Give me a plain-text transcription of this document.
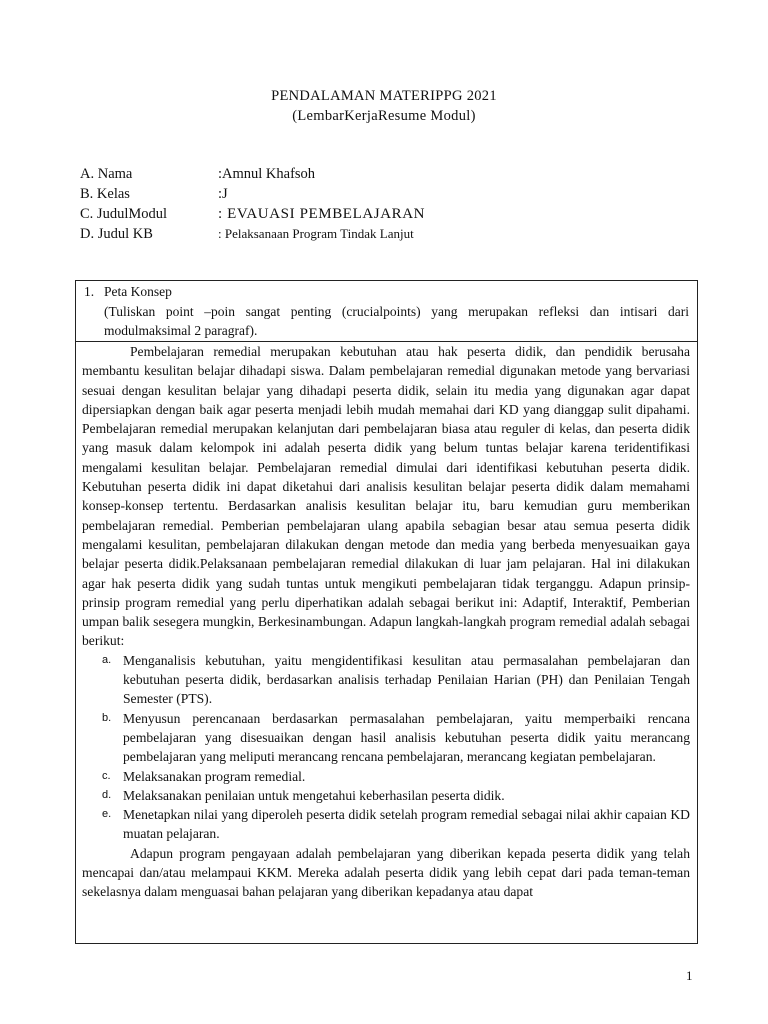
PENDALAMAN MATERIPPG 2021
(LembarKerjaResume Modul)
A. Nama	:Amnul Khafsoh
B. Kelas	:J
C. JudulModul	: EVAUASI PEMBELAJARAN
D. Judul KB	: Pelaksanaan Program Tindak Lanjut
1. Peta Konsep
(Tuliskan point –poin sangat penting (crucialpoints) yang merupakan refleksi dan intisari dari modulmaksimal 2 paragraf).

Pembelajaran remedial merupakan kebutuhan atau hak peserta didik, dan pendidik berusaha membantu kesulitan belajar dihadapi siswa. Dalam pembelajaran remedial digunakan metode yang bervariasi sesuai dengan kesulitan belajar yang dihadapi peserta didik, selain itu media yang digunakan agar dapat dipersiapkan dengan baik agar peserta menjadi lebih mudah memahai dari KD yang dianggap sulit dipahami. Pembelajaran remedial merupakan kelanjutan dari pembelajaran biasa atau reguler di kelas, dan peserta didik yang masuk dalam kelompok ini adalah peserta didik yang belum tuntas belajar karena teridentifikasi mengalami kesulitan belajar. Pembelajaran remedial dimulai dari identifikasi kebutuhan peserta didik. Kebutuhan peserta didik ini dapat diketahui dari analisis kesulitan belajar peserta didik dalam memahami konsep-konsep tertentu. Berdasarkan analisis kesulitan belajar itu, baru kemudian guru memberikan pembelajaran remedial. Pemberian pembelajaran ulang apabila sebagian besar atau semua peserta didik mengalami kesulitan, pembelajaran dilakukan dengan metode dan media yang berbeda menyesuaikan gaya belajar peserta didik.Pelaksanaan pembelajaran remedial dilakukan di luar jam pelajaran. Hal ini dilakukan agar hak peserta didik yang sudah tuntas untuk mengikuti pembelajaran tidak terganggu. Adapun prinsip-prinsip program remedial yang perlu diperhatikan adalah sebagai berikut ini: Adaptif, Interaktif, Pemberian umpan balik sesegera mungkin, Berkesinambungan. Adapun langkah-langkah program remedial adalah sebagai berikut:

a. Menganalisis kebutuhan, yaitu mengidentifikasi kesulitan atau permasalahan pembelajaran dan kebutuhan peserta didik, berdasarkan analisis terhadap Penilaian Harian (PH) dan Penilaian Tengah Semester (PTS).
b. Menyusun perencanaan berdasarkan permasalahan pembelajaran, yaitu memperbaiki rencana pembelajaran yang disesuaikan dengan hasil analisis kebutuhan peserta didik yaitu merancang pembelajaran yang meliputi merancang rencana pembelajaran, merancang kegiatan pembelajaran.
c. Melaksanakan program remedial.
d. Melaksanakan penilaian untuk mengetahui keberhasilan peserta didik.
e. Menetapkan nilai yang diperoleh peserta didik setelah program remedial sebagai nilai akhir capaian KD muatan pelajaran.

Adapun program pengayaan adalah pembelajaran yang diberikan kepada peserta didik yang telah mencapai dan/atau melampaui KKM. Mereka adalah peserta didik yang lebih cepat dari pada teman-teman sekelasnya dalam menguasai bahan pelajaran yang diberikan kepadanya atau dapat

1
